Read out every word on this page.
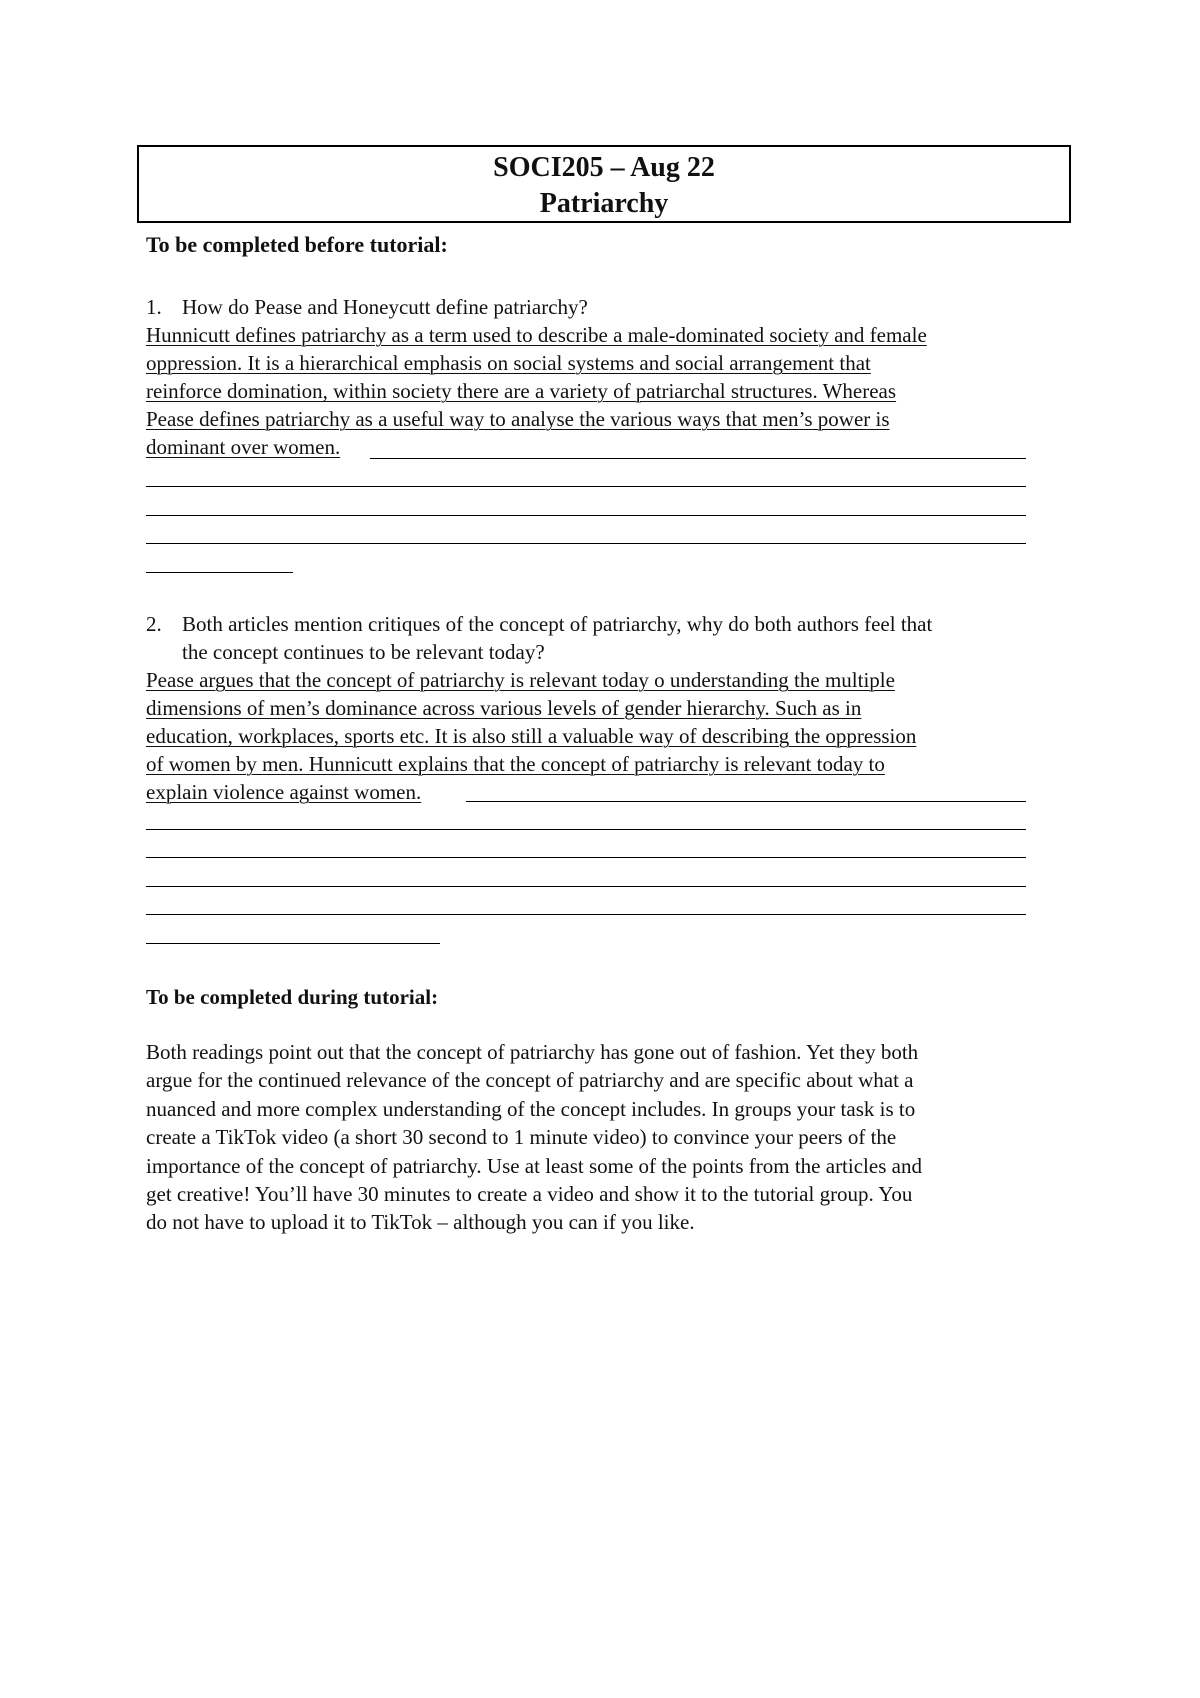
SOCI205 – Aug 22
Patriarchy
To be completed before tutorial:
1. How do Pease and Honeycutt define patriarchy?
Hunnicutt defines patriarchy as a term used to describe a male-dominated society and female
oppression. It is a hierarchical emphasis on social systems and social arrangement that
reinforce domination, within society there are a variety of patriarchal structures. Whereas
Pease defines patriarchy as a useful way to analyse the various ways that men’s power is
dominant over women.
2. Both articles mention critiques of the concept of patriarchy, why do both authors feel that
the concept continues to be relevant today?
Pease argues that the concept of patriarchy is relevant today o understanding the multiple
dimensions of men’s dominance across various levels of gender hierarchy. Such as in
education, workplaces, sports etc. It is also still a valuable way of describing the oppression
of women by men. Hunnicutt explains that the concept of patriarchy is relevant today to
explain violence against women.
To be completed during tutorial:
Both readings point out that the concept of patriarchy has gone out of fashion. Yet they both
argue for the continued relevance of the concept of patriarchy and are specific about what a
nuanced and more complex understanding of the concept includes. In groups your task is to
create a TikTok video (a short 30 second to 1 minute video) to convince your peers of the
importance of the concept of patriarchy. Use at least some of the points from the articles and
get creative! You’ll have 30 minutes to create a video and show it to the tutorial group. You
do not have to upload it to TikTok – although you can if you like.
